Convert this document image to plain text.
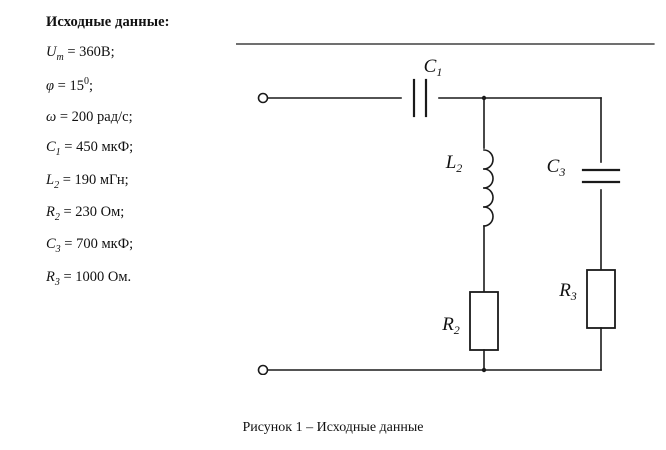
Исходные данные:
$U_m = 360В$;
$\varphi = 15^0$;
ω = 200 рад/с;
$C_1 = 450$ мкФ;
$L_2 = 190$ мГн;
$R_2 = 230$ Ом;
$C_3 = 700$ мкФ;
$R_3 = 1000$ Ом.
$C_1$
$L_2$	$C_3$
$R_2$
$R_3$
Рисунок 1 – Исходные данные
